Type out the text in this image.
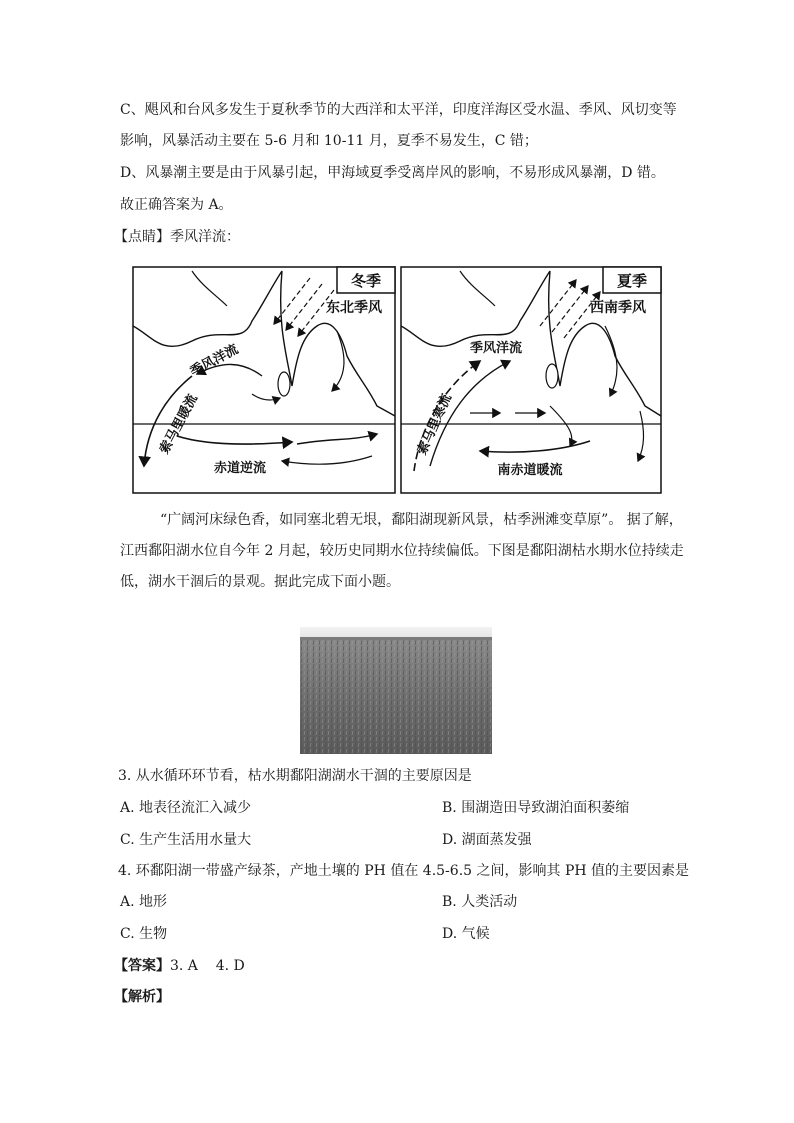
C、飓风和台风多发生于夏秋季节的大西洋和太平洋，印度洋海区受水温、季风、风切变等
影响，风暴活动主要在 5-6 月和 10-11 月，夏季不易发生，C 错；
D、风暴潮主要是由于风暴引起，甲海域夏季受离岸风的影响，不易形成风暴潮，D 错。
故正确答案为 A。
【点睛】季风洋流：
冬季
东北季风
季风洋流
索马里暖流
赤道逆流
夏季
西南季风
季风洋流
索马里寒流
南赤道暖流
“广阔河床绿色香，如同塞北碧无垠，鄱阳湖现新风景，枯季洲滩变草原”。 据了解，
江西鄱阳湖水位自今年 2 月起，较历史同期水位持续偏低。下图是鄱阳湖枯水期水位持续走
低，湖水干涸后的景观。据此完成下面小题。
3. 从水循环环节看，枯水期鄱阳湖湖水干涸的主要原因是
A. 地表径流汇入减少	B. 围湖造田导致湖泊面积萎缩
C. 生产生活用水量大	D. 湖面蒸发强
4. 环鄱阳湖一带盛产绿茶，产地土壤的 PH 值在 4.5-6.5 之间，影响其 PH 值的主要因素是
A. 地形	B. 人类活动
C. 生物	D. 气候
【答案】3. A    4. D
【解析】
